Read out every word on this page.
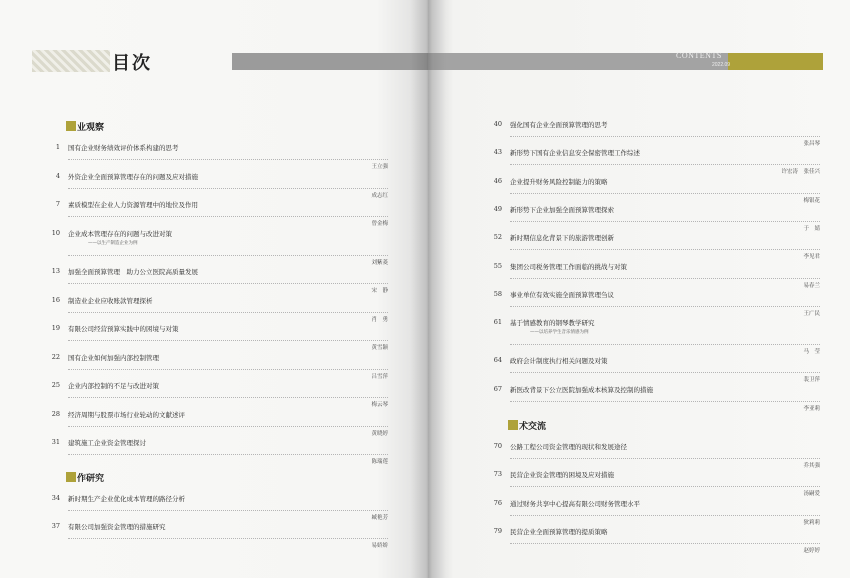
目次
业观察
1 国有企业财务绩效评价体系构建的思考
王立强
4 外资企业全面预算管理存在的问题及应对措施
成志红
7 素质模型在企业人力资源管理中的地位及作用
曾金梅
10 企业成本管理存在的问题与改进对策
——以生产制造企业为例
刘紫菱
13 加强全面预算管理　助力公立医院高质量发展
宋　静
16 制造业企业应收账款管理探析
肖　勇
19 有限公司经营预算实践中的困境与对策
黄雪颖
22 国有企业如何加强内部控制管理
吕雪萍
25 企业内部控制的不足与改进对策
梅云琴
28 经济周期与股票市场行业轮动的文献述评
黄晓婷
31 建筑施工企业资金管理探讨
陈瑞莲
作研究
34 新时期生产企业优化成本管理的路径分析
臧艳芳
37 有限公司加强资金管理的措施研究
易娇娇
CONTENTS
2022.09
40 强化国有企业全面预算管理的思考
张昌琴
43 新形势下国有企业信息安全保密管理工作综述
许宏涛　张佳兴
46 企业提升财务风险控制能力的策略
梅银花
49 新形势下企业加强全面预算管理探索
于　婧
52 新时期信息化背景下的旅游管理创新
李见君
55 集团公司税务管理工作面临的挑战与对策
易春兰
58 事业单位有效实施全面预算管理刍议
王广民
61 基于情感教育的钢琴教学研究
——以培养学生音乐情感为例
马　莹
64 政府会计制度执行相关问题及对策
裴卫萍
67 新医改背景下公立医院加强成本核算及控制的措施
李亚莉
术交流
70 公路工程公司资金管理的现状和发展途径
乔其强
73 民营企业资金管理的困境及应对措施
汤嗣爱
76 通过财务共享中心提高有限公司财务管理水平
狄莉莉
79 民营企业全面预算管理的提质策略
赵婷婷
